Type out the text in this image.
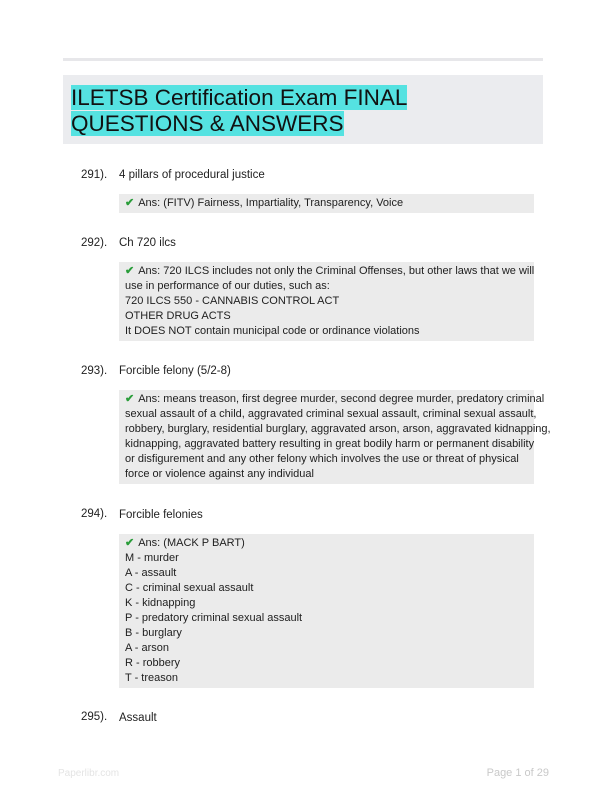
ILETSB Certification Exam FINAL QUESTIONS & ANSWERS
291). 4 pillars of procedural justice
✔ Ans: (FITV) Fairness, Impartiality, Transparency, Voice
292). Ch 720 ilcs
✔ Ans: 720 ILCS includes not only the Criminal Offenses, but other laws that we will
use in performance of our duties, such as:
720 ILCS 550 - CANNABIS CONTROL ACT
OTHER DRUG ACTS
It DOES NOT contain municipal code or ordinance violations
293). Forcible felony (5/2-8)
✔ Ans: means treason, first degree murder, second degree murder, predatory criminal
sexual assault of a child, aggravated criminal sexual assault, criminal sexual assault,
robbery, burglary, residential burglary, aggravated arson, arson, aggravated kidnapping,
kidnapping, aggravated battery resulting in great bodily harm or permanent disability
or disfigurement and any other felony which involves the use or threat of physical
force or violence against any individual
294). Forcible felonies
✔ Ans: (MACK P BART)
M - murder
A - assault
C - criminal sexual assault
K - kidnapping
P - predatory criminal sexual assault
B - burglary
A - arson
R - robbery
T - treason
295). Assault
Paperlibr.com	Page 1 of 29
